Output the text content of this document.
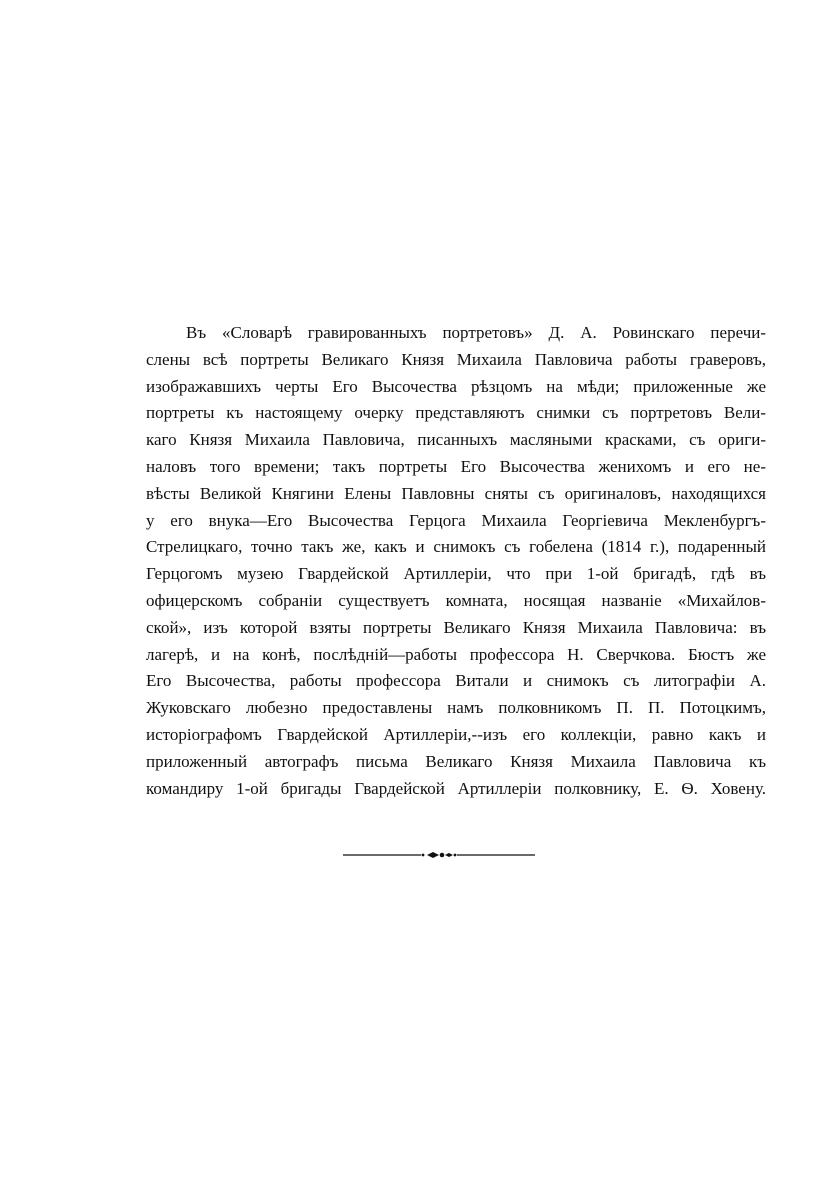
Въ «Словарѣ гравированныхъ портретовъ» Д. А. Ровинскаго перечи-
слены всѣ портреты Великаго Князя Михаила Павловича работы граверовъ,
изображавшихъ черты Его Высочества рѣзцомъ на мѣди; приложенные же
портреты къ настоящему очерку представляютъ снимки съ портретовъ Вели-
каго Князя Михаила Павловича, писанныхъ масляными красками, съ ориги-
наловъ того времени; такъ портреты Его Высочества женихомъ и его не-
вѣсты Великой Княгини Елены Павловны сняты съ оригиналовъ, находящихся
у его внука—Его Высочества Герцога Михаила Георгіевича Мекленбургъ-
Стрелицкаго, точно такъ же, какъ и снимокъ съ гобелена (1814 г.), подаренный
Герцогомъ музею Гвардейской Артиллеріи, что при 1-ой бригадѣ, гдѣ въ
офицерскомъ собраніи существуетъ комната, носящая названіе «Михайлов-
ской», изъ которой взяты портреты Великаго Князя Михаила Павловича: въ
лагерѣ, и на конѣ, послѣдній—работы профессора Н. Сверчкова. Бюстъ же
Его Высочества, работы профессора Витали и снимокъ съ литографіи А.
Жуковскаго любезно предоставлены намъ полковникомъ П. П. Потоцкимъ,
исторіографомъ Гвардейской Артиллеріи,--изъ его коллекціи, равно какъ и
приложенный автографъ письма Великаго Князя Михаила Павловича къ
командиру 1-ой бригады Гвардейской Артиллеріи полковнику, Е. Ѳ. Ховену.
